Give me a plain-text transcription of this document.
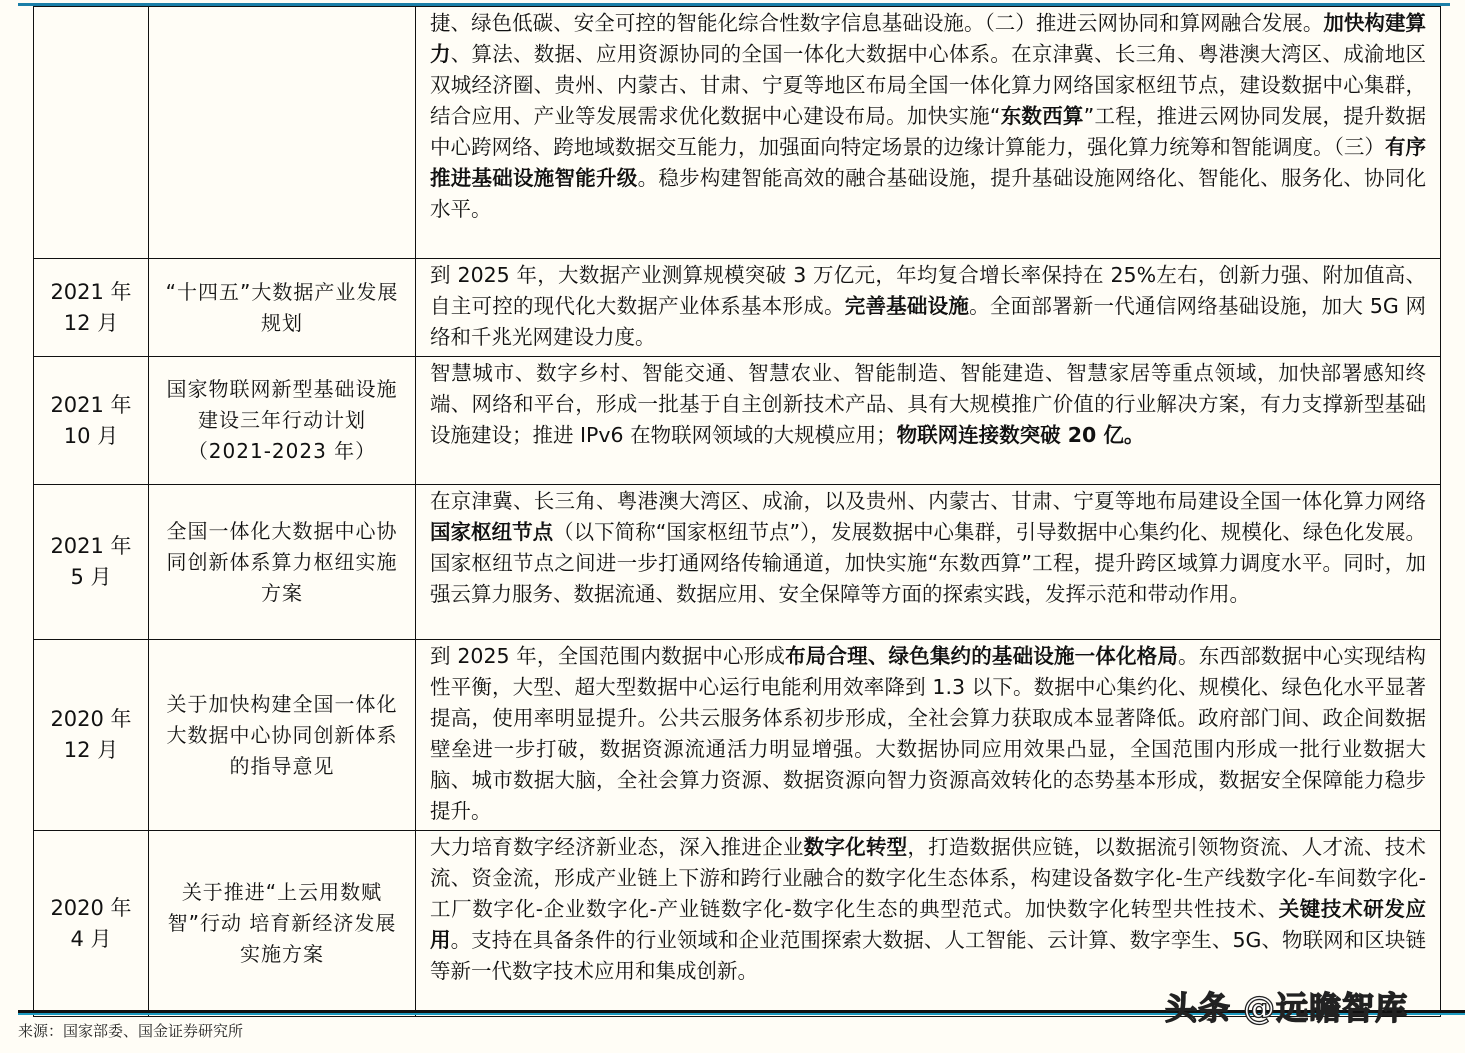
		捷、绿色低碳、安全可控的智能化综合性数字信息基础设施。（二）推进云网协同和算网融合发展。加快构建算力、算法、数据、应用资源协同的全国一体化大数据中心体系。在京津冀、长三角、粤港澳大湾区、成渝地区双城经济圈、贵州、内蒙古、甘肃、宁夏等地区布局全国一体化算力网络国家枢纽节点，建设数据中心集群，结合应用、产业等发展需求优化数据中心建设布局。加快实施“东数西算”工程，推进云网协同发展，提升数据中心跨网络、跨地域数据交互能力，加强面向特定场景的边缘计算能力，强化算力统筹和智能调度。（三）有序推进基础设施智能升级。稳步构建智能高效的融合基础设施，提升基础设施网络化、智能化、服务化、协同化水平。

2021 年
12 月	“十四五”大数据产业发展规划	到 2025 年，大数据产业测算规模突破 3 万亿元，年均复合增长率保持在 25%左右，创新力强、附加值高、自主可控的现代化大数据产业体系基本形成。完善基础设施。全面部署新一代通信网络基础设施，加大 5G 网络和千兆光网建设力度。

2021 年
10 月	国家物联网新型基础设施建设三年行动计划（2021-2023 年）	智慧城市、数字乡村、智能交通、智慧农业、智能制造、智能建造、智慧家居等重点领域，加快部署感知终端、网络和平台，形成一批基于自主创新技术产品、具有大规模推广价值的行业解决方案，有力支撑新型基础设施建设；推进 IPv6 在物联网领域的大规模应用；物联网连接数突破 20 亿。

2021 年
5 月	全国一体化大数据中心协同创新体系算力枢纽实施方案	在京津冀、长三角、粤港澳大湾区、成渝，以及贵州、内蒙古、甘肃、宁夏等地布局建设全国一体化算力网络国家枢纽节点（以下简称“国家枢纽节点”），发展数据中心集群，引导数据中心集约化、规模化、绿色化发展。国家枢纽节点之间进一步打通网络传输通道，加快实施“东数西算”工程，提升跨区域算力调度水平。同时，加强云算力服务、数据流通、数据应用、安全保障等方面的探索实践，发挥示范和带动作用。

2020 年
12 月	关于加快构建全国一体化大数据中心协同创新体系的指导意见	到 2025 年，全国范围内数据中心形成布局合理、绿色集约的基础设施一体化格局。东西部数据中心实现结构性平衡，大型、超大型数据中心运行电能利用效率降到 1.3 以下。数据中心集约化、规模化、绿色化水平显著提高，使用率明显提升。公共云服务体系初步形成，全社会算力获取成本显著降低。政府部门间、政企间数据壁垒进一步打破，数据资源流通活力明显增强。大数据协同应用效果凸显，全国范围内形成一批行业数据大脑、城市数据大脑，全社会算力资源、数据资源向智力资源高效转化的态势基本形成，数据安全保障能力稳步提升。

2020 年
4 月	关于推进“上云用数赋智”行动 培育新经济发展实施方案	大力培育数字经济新业态，深入推进企业数字化转型，打造数据供应链，以数据流引领物资流、人才流、技术流、资金流，形成产业链上下游和跨行业融合的数字化生态体系，构建设备数字化-生产线数字化-车间数字化-工厂数字化-企业数字化-产业链数字化-数字化生态的典型范式。加快数字化转型共性技术、关键技术研发应用。支持在具备条件的行业领域和企业范围探索大数据、人工智能、云计算、数字孪生、5G、物联网和区块链等新一代数字技术应用和集成创新。
来源：国家部委、国金证券研究所
头条 @远瞻智库
